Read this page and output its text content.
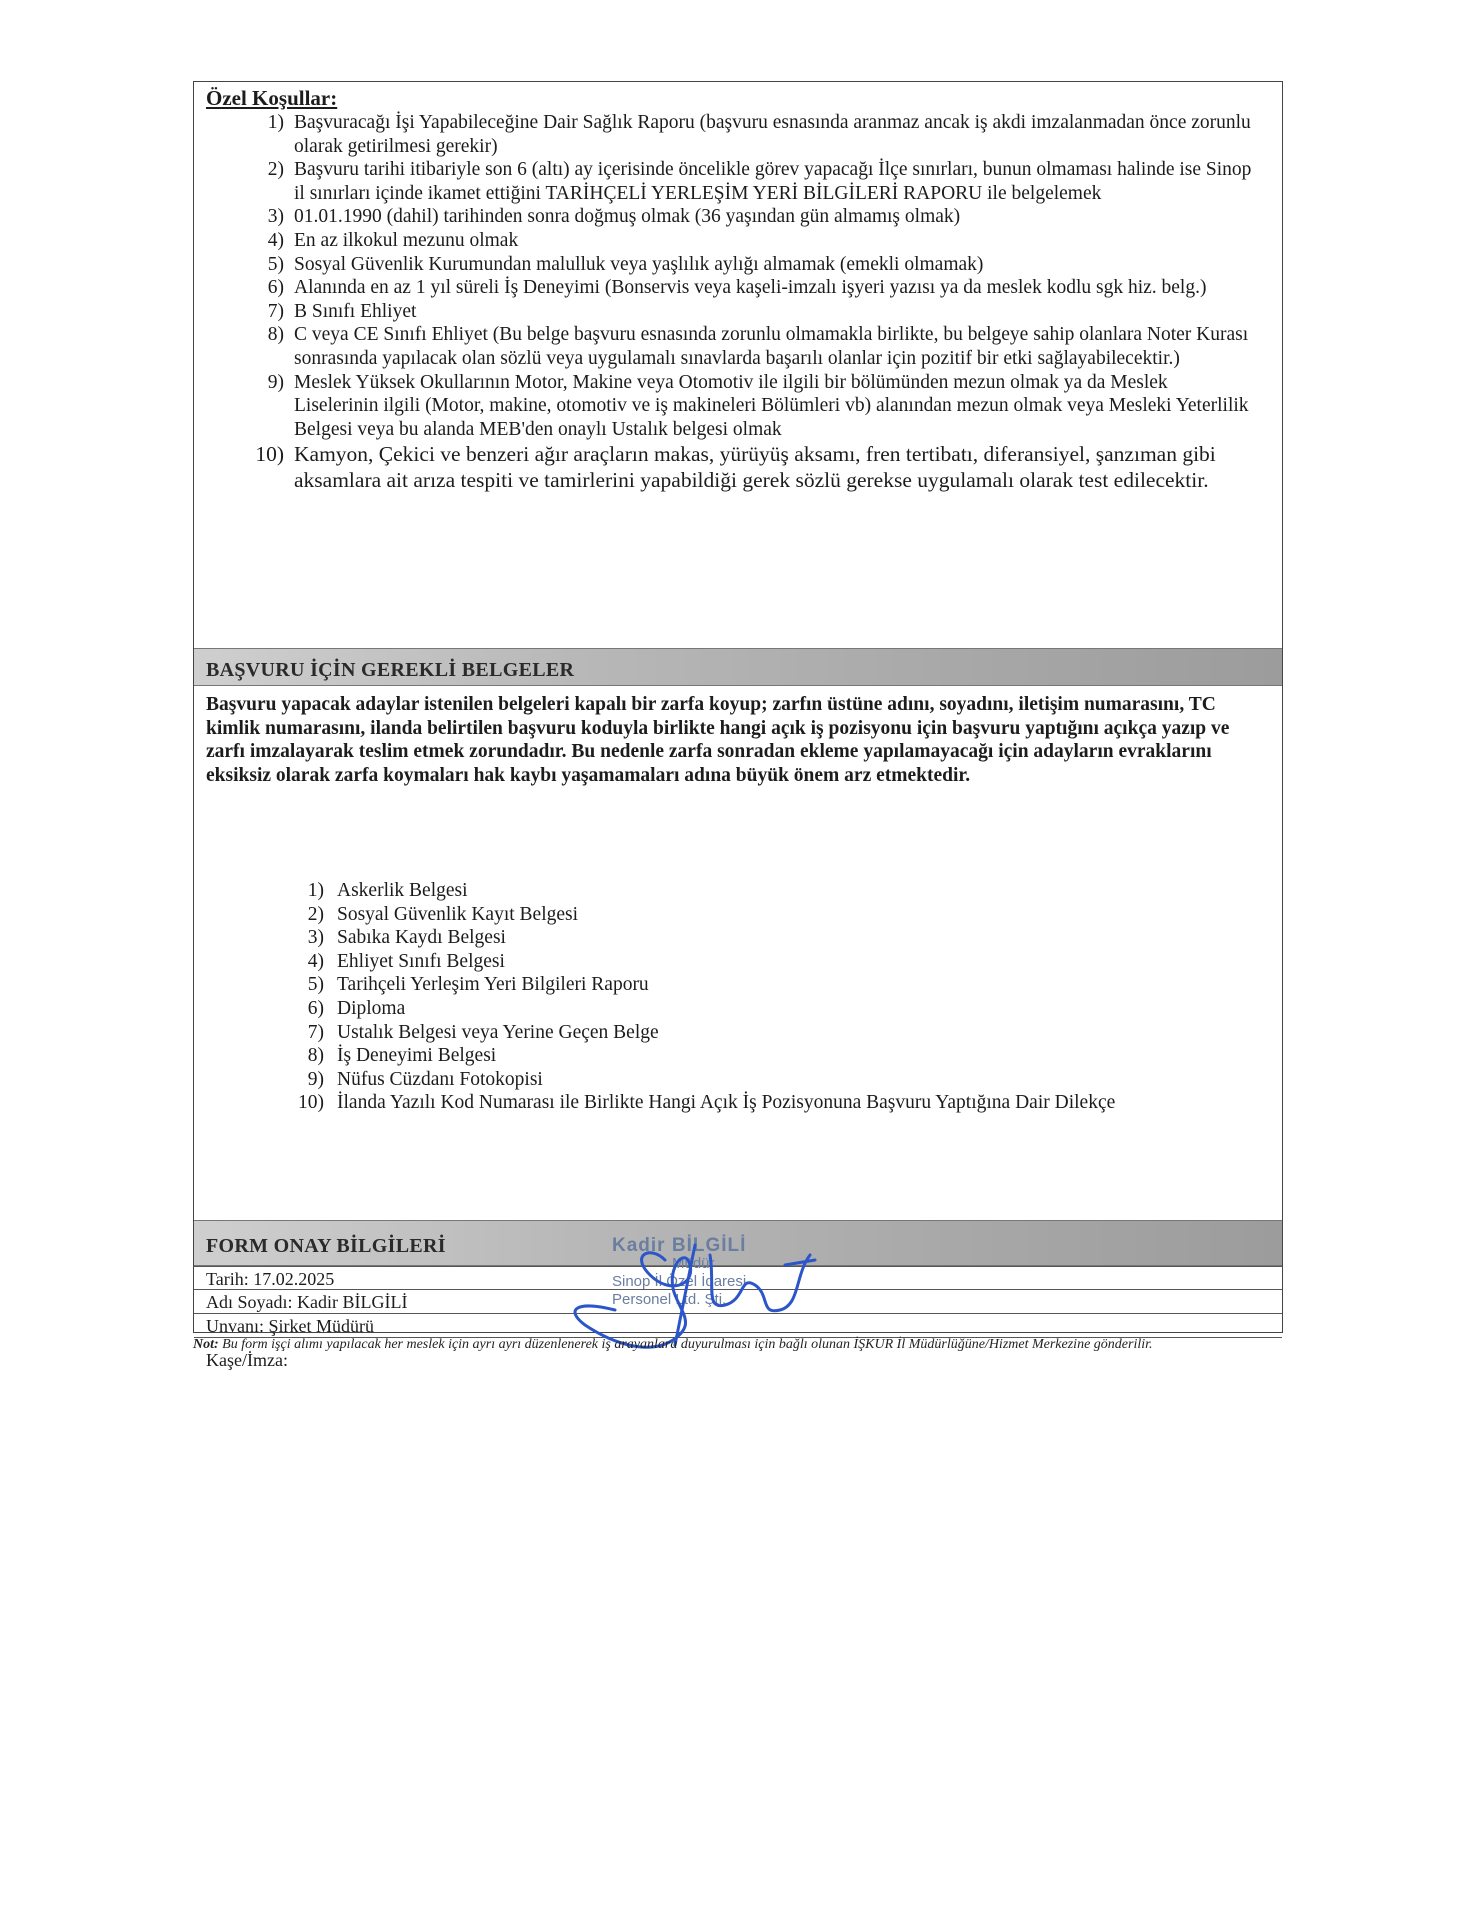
Özel Koşullar:
1) Başvuracağı İşi Yapabileceğine Dair Sağlık Raporu (başvuru esnasında aranmaz ancak iş akdi imzalanmadan önce zorunlu olarak getirilmesi gerekir)
2) Başvuru tarihi itibariyle son 6 (altı) ay içerisinde öncelikle görev yapacağı İlçe sınırları, bunun olmaması halinde ise Sinop il sınırları içinde ikamet ettiğini TARİHÇELİ YERLEŞİM YERİ BİLGİLERİ RAPORU ile belgelemek
3) 01.01.1990 (dahil) tarihinden sonra doğmuş olmak (36 yaşından gün almamış olmak)
4) En az ilkokul mezunu olmak
5) Sosyal Güvenlik Kurumundan malulluk veya yaşlılık aylığı almamak (emekli olmamak)
6) Alanında en az 1 yıl süreli İş Deneyimi (Bonservis veya kaşeli-imzalı işyeri yazısı ya da meslek kodlu sgk hiz. belg.)
7) B Sınıfı Ehliyet
8) C veya CE Sınıfı Ehliyet (Bu belge başvuru esnasında zorunlu olmamakla birlikte, bu belgeye sahip olanlara Noter Kurası sonrasında yapılacak olan sözlü veya uygulamalı sınavlarda başarılı olanlar için pozitif bir etki sağlayabilecektir.)
9) Meslek Yüksek Okullarının Motor, Makine veya Otomotiv ile ilgili bir bölümünden mezun olmak ya da Meslek Liselerinin ilgili (Motor, makine, otomotiv ve iş makineleri Bölümleri vb) alanından mezun olmak veya Mesleki Yeterlilik Belgesi veya bu alanda MEB'den onaylı Ustalık belgesi olmak
10) Kamyon, Çekici ve benzeri ağır araçların makas, yürüyüş aksamı, fren tertibatı, diferansiyel, şanzıman gibi aksamlara ait arıza tespiti ve tamirlerini yapabildiği gerek sözlü gerekse uygulamalı olarak test edilecektir.
BAŞVURU İÇİN GEREKLİ BELGELER
Başvuru yapacak adaylar istenilen belgeleri kapalı bir zarfa koyup; zarfın üstüne adını, soyadını, iletişim numarasını, TC kimlik numarasını, ilanda belirtilen başvuru koduyla birlikte hangi açık iş pozisyonu için başvuru yaptığını açıkça yazıp ve zarfı imzalayarak teslim etmek zorundadır. Bu nedenle zarfa sonradan ekleme yapılamayacağı için adayların evraklarını eksiksiz olarak zarfa koymaları hak kaybı yaşamamaları adına büyük önem arz etmektedir.
1) Askerlik Belgesi
2) Sosyal Güvenlik Kayıt Belgesi
3) Sabıka Kaydı Belgesi
4) Ehliyet Sınıfı Belgesi
5) Tarihçeli Yerleşim Yeri Bilgileri Raporu
6) Diploma
7) Ustalık Belgesi veya Yerine Geçen Belge
8) İş Deneyimi Belgesi
9) Nüfus Cüzdanı Fotokopisi
10) İlanda Yazılı Kod Numarası ile Birlikte Hangi Açık İş Pozisyonuna Başvuru Yaptığına Dair Dilekçe
FORM ONAY BİLGİLERİ
Tarih: 17.02.2025
Adı Soyadı: Kadir BİLGİLİ
Unvanı: Şirket Müdürü
Kaşe/İmza:
Kadir BİLGİLİ
Müdür
Sinop İl Özel İdaresi
Personel Ltd. Şti.
Not: Bu form işçi alımı yapılacak her meslek için ayrı ayrı düzenlenerek iş arayanlara duyurulması için bağlı olunan İŞKUR İl Müdürlüğüne/Hizmet Merkezine gönderilir.
